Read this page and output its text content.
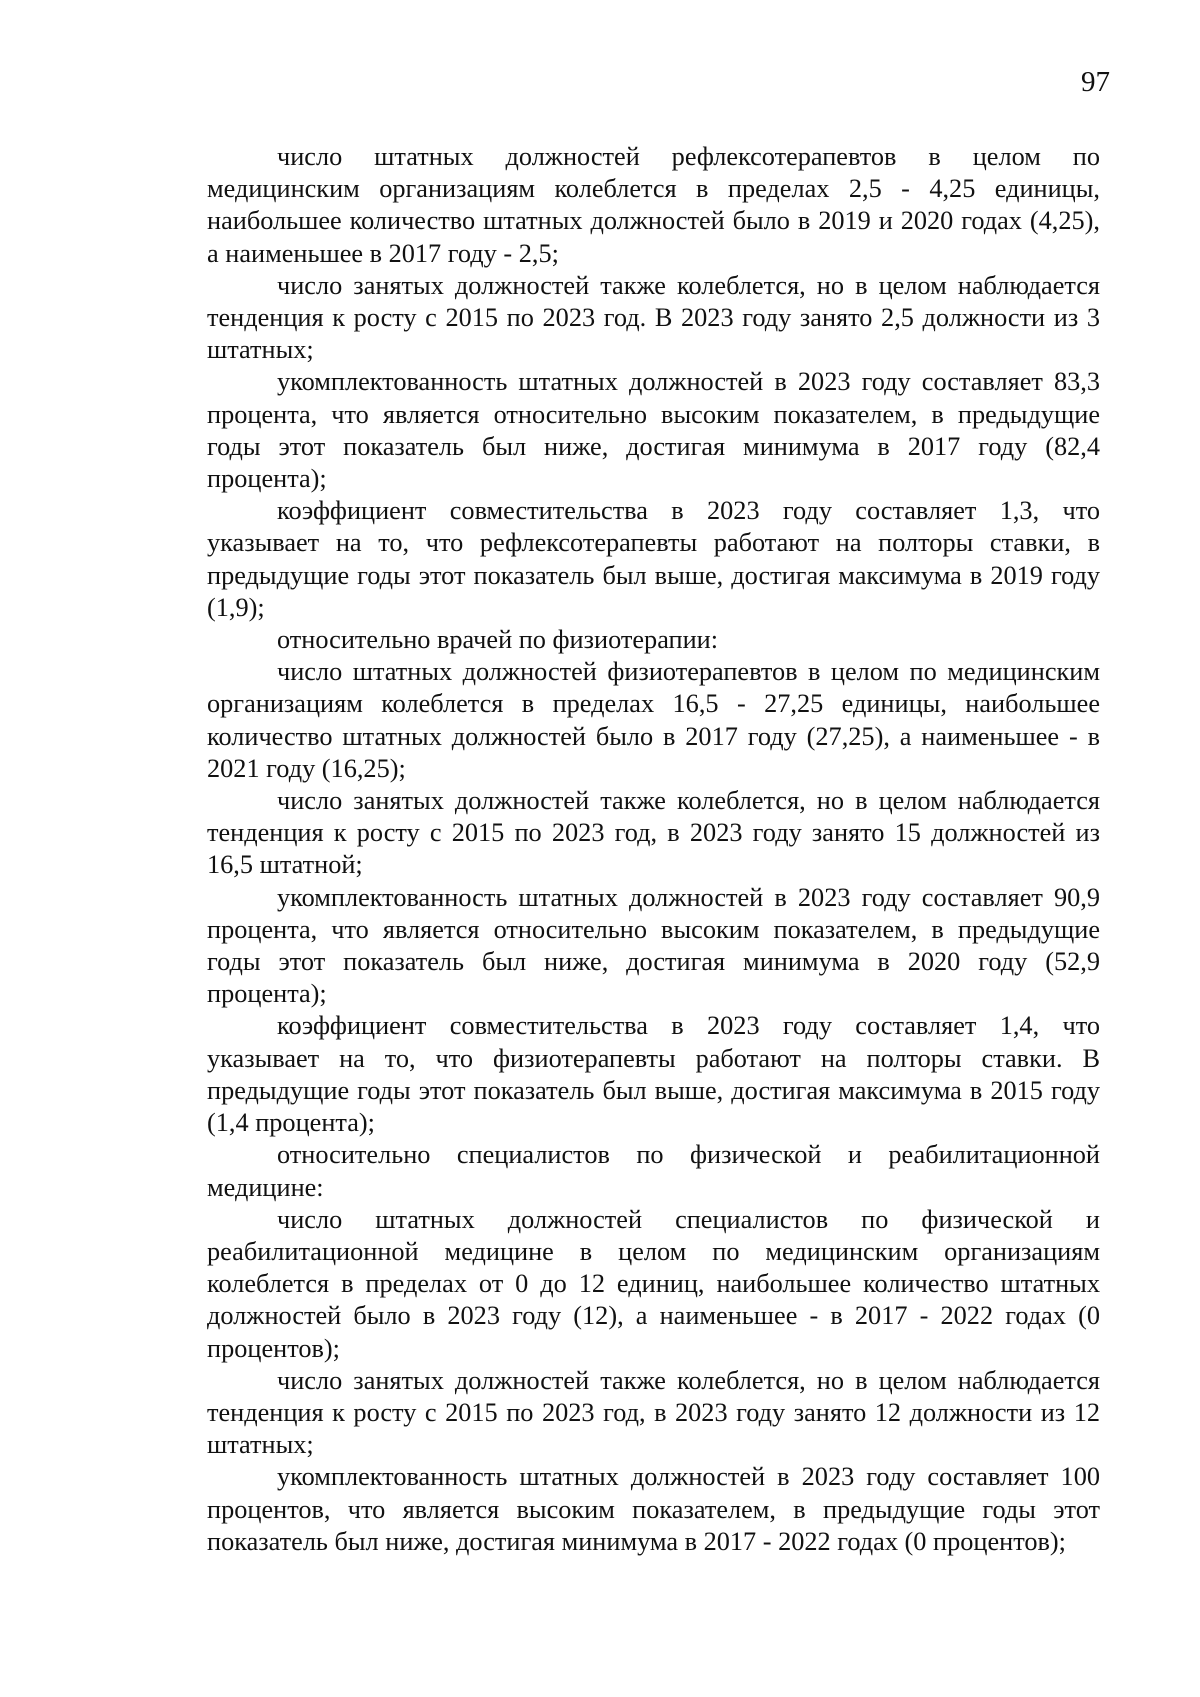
97

число штатных должностей рефлексотерапевтов в целом по медицинским организациям колеблется в пределах 2,5 - 4,25 единицы, наибольшее количество штатных должностей было в 2019 и 2020 годах (4,25), а наименьшее в 2017 году - 2,5;

число занятых должностей также колеблется, но в целом наблюдается тенденция к росту с 2015 по 2023 год. В 2023 году занято 2,5 должности из 3 штатных;

укомплектованность штатных должностей в 2023 году составляет 83,3 процента, что является относительно высоким показателем, в предыдущие годы этот показатель был ниже, достигая минимума в 2017 году (82,4 процента);

коэффициент совместительства в 2023 году составляет 1,3, что указывает на то, что рефлексотерапевты работают на полторы ставки, в предыдущие годы этот показатель был выше, достигая максимума в 2019 году (1,9);

относительно врачей по физиотерапии:

число штатных должностей физиотерапевтов в целом по медицинским организациям колеблется в пределах 16,5 - 27,25 единицы, наибольшее количество штатных должностей было в 2017 году (27,25), а наименьшее - в 2021 году (16,25);

число занятых должностей также колеблется, но в целом наблюдается тенденция к росту с 2015 по 2023 год, в 2023 году занято 15 должностей из 16,5 штатной;

укомплектованность штатных должностей в 2023 году составляет 90,9 процента, что является относительно высоким показателем, в предыдущие годы этот показатель был ниже, достигая минимума в 2020 году (52,9 процента);

коэффициент совместительства в 2023 году составляет 1,4, что указывает на то, что физиотерапевты работают на полторы ставки. В предыдущие годы этот показатель был выше, достигая максимума в 2015 году (1,4 процента);

относительно специалистов по физической и реабилитационной медицине:

число штатных должностей специалистов по физической и реабилитационной медицине в целом по медицинским организациям колеблется в пределах от 0 до 12 единиц, наибольшее количество штатных должностей было в 2023 году (12), а наименьшее - в 2017 - 2022 годах (0 процентов);

число занятых должностей также колеблется, но в целом наблюдается тенденция к росту с 2015 по 2023 год, в 2023 году занято 12 должности из 12 штатных;

укомплектованность штатных должностей в 2023 году составляет 100 процентов, что является высоким показателем, в предыдущие годы этот показатель был ниже, достигая минимума в 2017 - 2022 годах (0 процентов);
